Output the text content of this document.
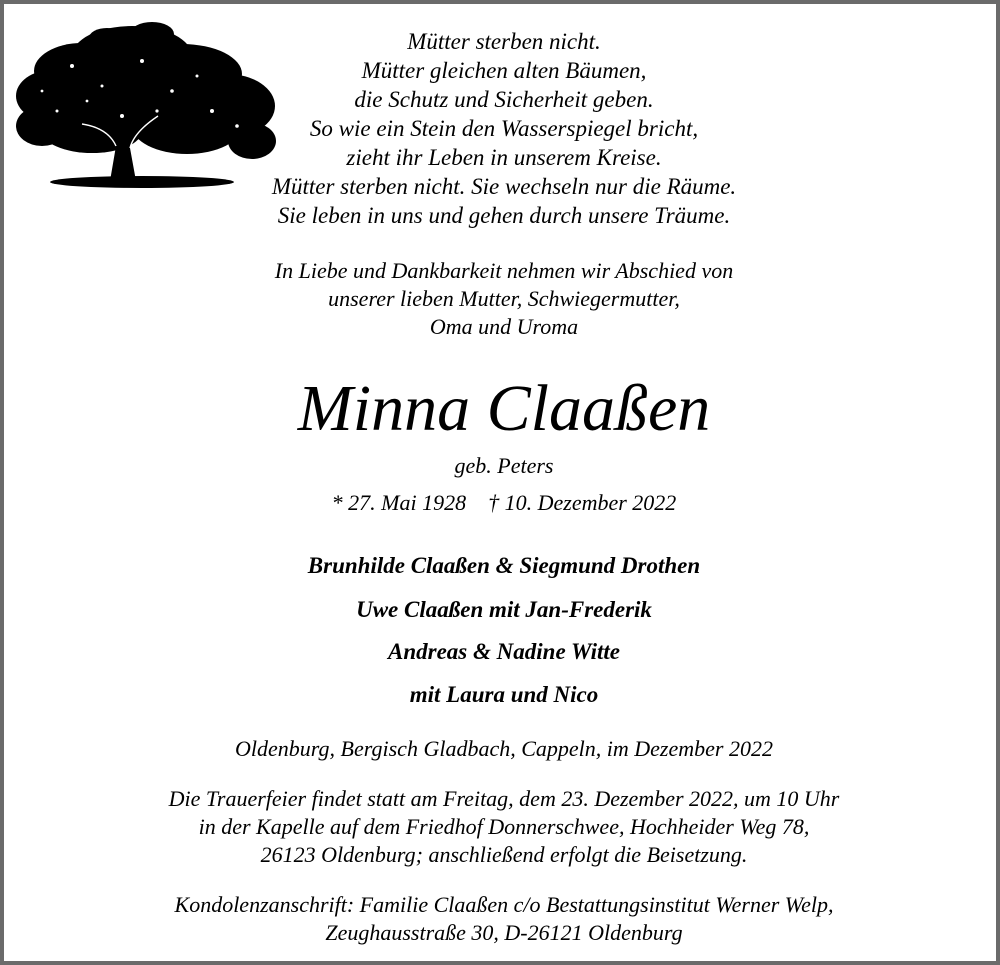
Mütter sterben nicht.

Mütter gleichen alten Bäumen,

die Schutz und Sicherheit geben.

So wie ein Stein den Wasserspiegel bricht,

zieht ihr Leben in unserem Kreise.

Mütter sterben nicht. Sie wechseln nur die Räume.

Sie leben in uns und gehen durch unsere Träume.

In Liebe und Dankbarkeit nehmen wir Abschied von

unserer lieben Mutter, Schwiegermutter,

Oma und Uroma

Minna Claaßen

geb. Peters

* 27. Mai 1928    † 10. Dezember 2022

Brunhilde Claaßen & Siegmund Drothen

Uwe Claaßen mit Jan-Frederik

Andreas & Nadine Witte

mit Laura und Nico

Oldenburg, Bergisch Gladbach, Cappeln, im Dezember 2022

Die Trauerfeier findet statt am Freitag, dem 23. Dezember 2022, um 10 Uhr

in der Kapelle auf dem Friedhof Donnerschwee, Hochheider Weg 78,

26123 Oldenburg; anschließend erfolgt die Beisetzung.

Kondolenzanschrift: Familie Claaßen c/o Bestattungsinstitut Werner Welp,

Zeughausstraße 30, D-26121 Oldenburg
